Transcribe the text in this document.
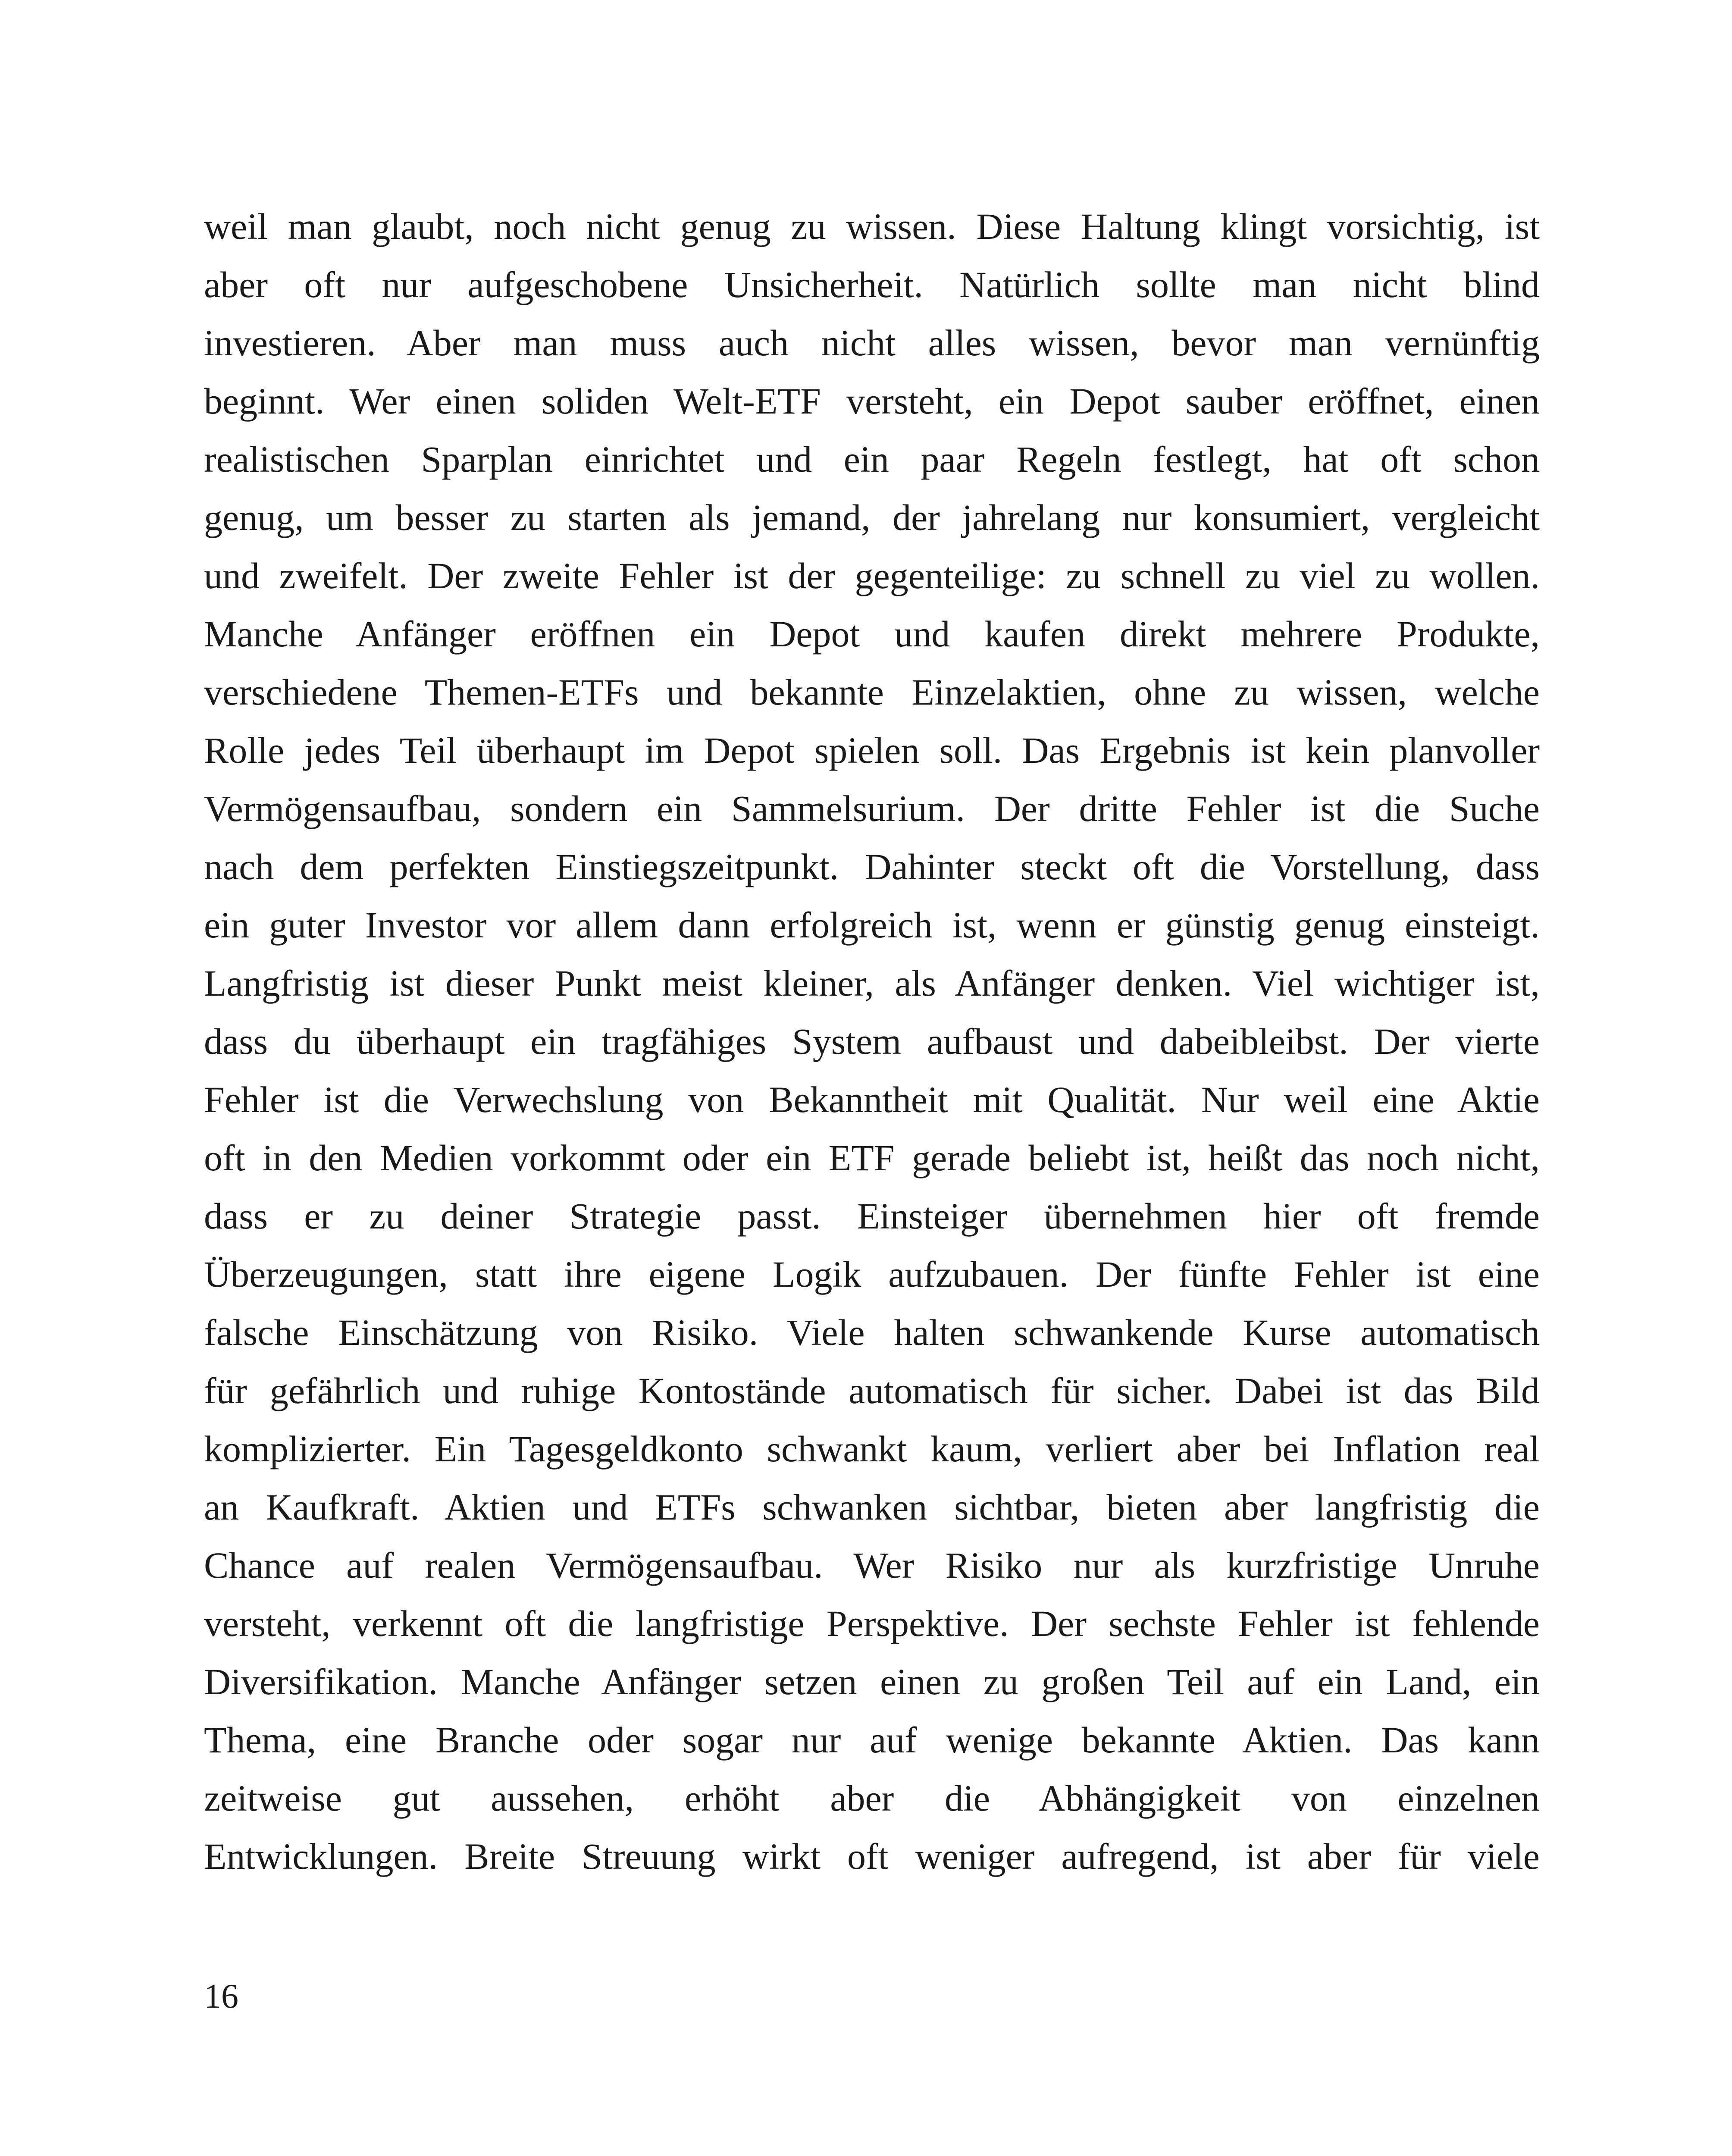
weil man glaubt, noch nicht genug zu wissen. Diese Haltung klingt vorsichtig, ist
aber oft nur aufgeschobene Unsicherheit. Natürlich sollte man nicht blind
investieren. Aber man muss auch nicht alles wissen, bevor man vernünftig
beginnt. Wer einen soliden Welt-ETF versteht, ein Depot sauber eröffnet, einen
realistischen Sparplan einrichtet und ein paar Regeln festlegt, hat oft schon
genug, um besser zu starten als jemand, der jahrelang nur konsumiert, vergleicht
und zweifelt. Der zweite Fehler ist der gegenteilige: zu schnell zu viel zu wollen.
Manche Anfänger eröffnen ein Depot und kaufen direkt mehrere Produkte,
verschiedene Themen-ETFs und bekannte Einzelaktien, ohne zu wissen, welche
Rolle jedes Teil überhaupt im Depot spielen soll. Das Ergebnis ist kein planvoller
Vermögensaufbau, sondern ein Sammelsurium. Der dritte Fehler ist die Suche
nach dem perfekten Einstiegszeitpunkt. Dahinter steckt oft die Vorstellung, dass
ein guter Investor vor allem dann erfolgreich ist, wenn er günstig genug einsteigt.
Langfristig ist dieser Punkt meist kleiner, als Anfänger denken. Viel wichtiger ist,
dass du überhaupt ein tragfähiges System aufbaust und dabeibleibst. Der vierte
Fehler ist die Verwechslung von Bekanntheit mit Qualität. Nur weil eine Aktie
oft in den Medien vorkommt oder ein ETF gerade beliebt ist, heißt das noch nicht,
dass er zu deiner Strategie passt. Einsteiger übernehmen hier oft fremde
Überzeugungen, statt ihre eigene Logik aufzubauen. Der fünfte Fehler ist eine
falsche Einschätzung von Risiko. Viele halten schwankende Kurse automatisch
für gefährlich und ruhige Kontostände automatisch für sicher. Dabei ist das Bild
komplizierter. Ein Tagesgeldkonto schwankt kaum, verliert aber bei Inflation real
an Kaufkraft. Aktien und ETFs schwanken sichtbar, bieten aber langfristig die
Chance auf realen Vermögensaufbau. Wer Risiko nur als kurzfristige Unruhe
versteht, verkennt oft die langfristige Perspektive. Der sechste Fehler ist fehlende
Diversifikation. Manche Anfänger setzen einen zu großen Teil auf ein Land, ein
Thema, eine Branche oder sogar nur auf wenige bekannte Aktien. Das kann
zeitweise gut aussehen, erhöht aber die Abhängigkeit von einzelnen
Entwicklungen. Breite Streuung wirkt oft weniger aufregend, ist aber für viele
16
